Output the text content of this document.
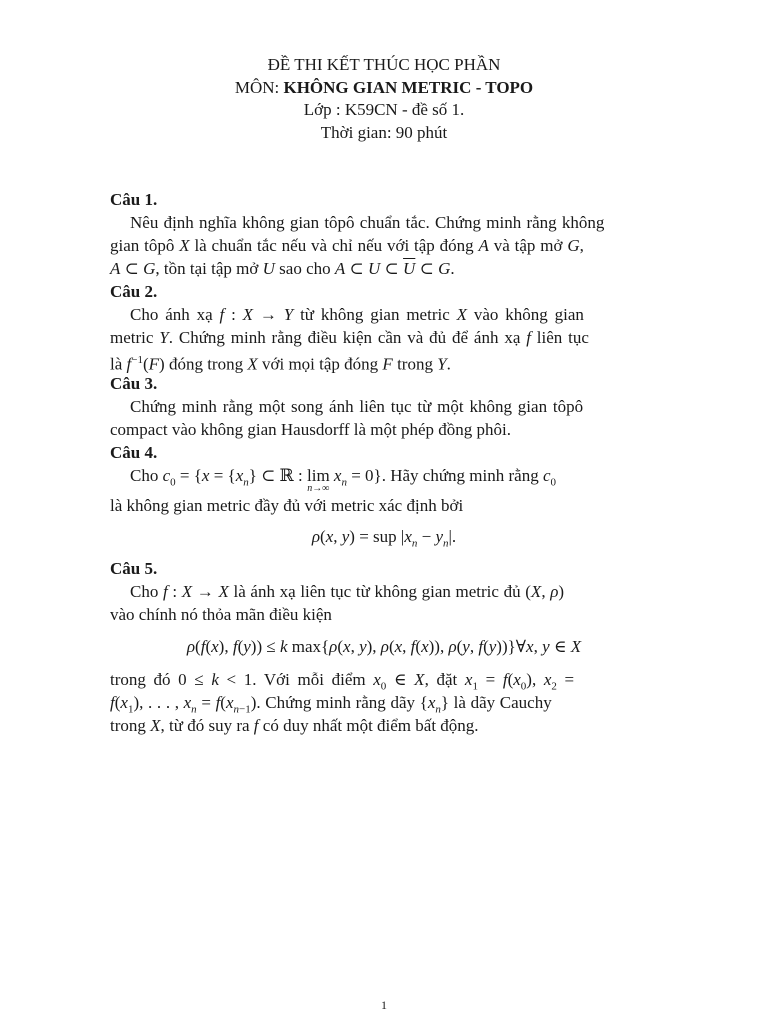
ĐỀ THI KẾT THÚC HỌC PHẦN
MÔN: KHÔNG GIAN METRIC - TOPO
Lớp : K59CN - đề số 1.
Thời gian: 90 phút
Câu 1.
Nêu định nghĩa không gian tôpô chuẩn tắc. Chứng minh rằng không
gian tôpô X là chuẩn tắc nếu và chỉ nếu với tập đóng A và tập mở G,
A ⊂ G, tồn tại tập mở U sao cho A ⊂ U ⊂ $\overline{U}$ ⊂ G.
Câu 2.
Cho ánh xạ f : X → Y từ không gian metric X vào không gian
metric Y. Chứng minh rằng điều kiện cần và đủ để ánh xạ f liên tục
là $f^{-1}(F)$ đóng trong X với mọi tập đóng F trong Y.
Câu 3.
Chứng minh rằng một song ánh liên tục từ một không gian tôpô
compact vào không gian Hausdorff là một phép đồng phôi.
Câu 4.
Cho $c_0 = \{x = \{x_n\}$ ⊂ ℝ : lim
n→∞
$x_n = 0$}. Hãy chứng minh rằng $c_0$
là không gian metric đầy đủ với metric xác định bởi
ρ(x, y) = sup $|x_n - y_n|$.
Câu 5.
Cho f : X → X là ánh xạ liên tục từ không gian metric đủ (X, ρ)
vào chính nó thỏa mãn điều kiện
ρ(f(x), f(y)) ≤ k max{ρ(x, y), ρ(x, f(x)), ρ(y, f(y))}∀x, y ∈ X
trong đó 0 ≤ k < 1. Với mỗi điểm $x_0$ ∈ X, đặt $x_1 = f(x_0)$, $x_2$ =
$f(x_1)$, . . . , $x_n = f(x_{n-1})$. Chứng minh rằng dãy $\{x_n\}$ là dãy Cauchy
trong X, từ đó suy ra f có duy nhất một điểm bất động.
1
